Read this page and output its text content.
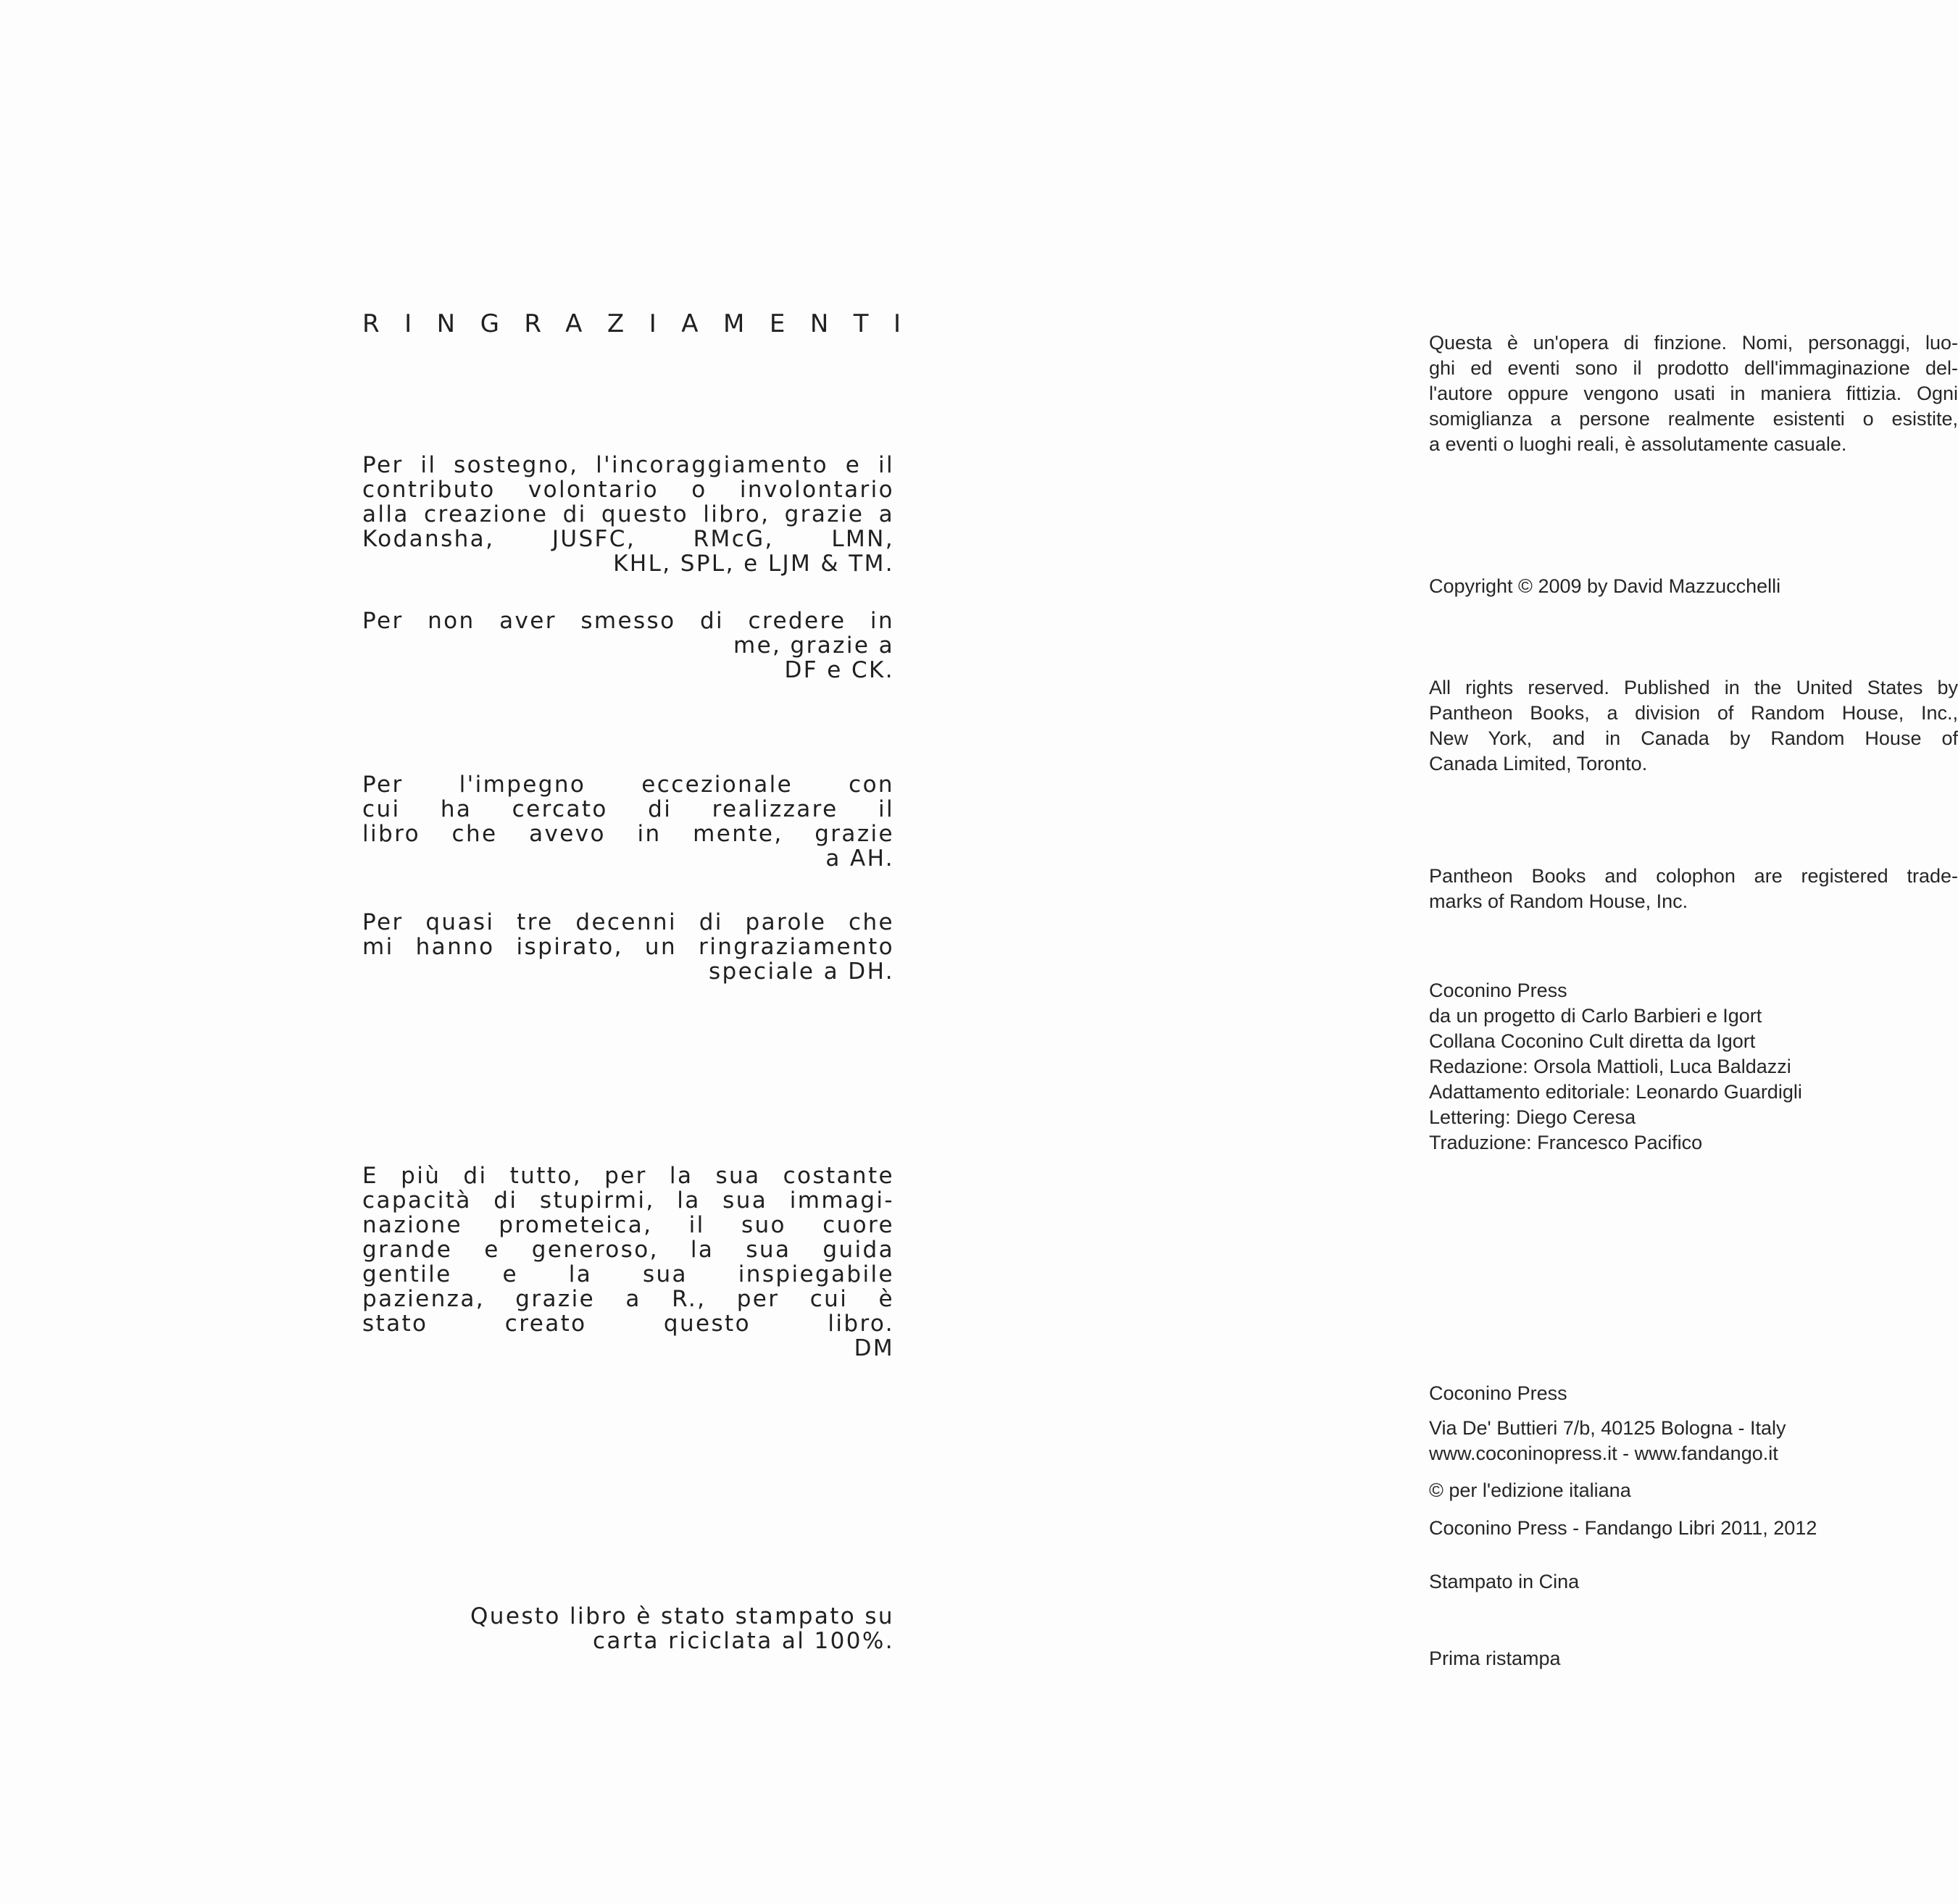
RINGRAZIAMENTI

Per il sostegno, l'incoraggiamento e il
contributo volontario o involontario
alla creazione di questo libro, grazie a
Kodansha, JUSFC, RMcG, LMN,
KHL, SPL, e LJM & TM.

Per non aver smesso di credere in
me, grazie a
DF e CK.

Per l'impegno eccezionale con
cui ha cercato di realizzare il
libro che avevo in mente, grazie
a AH.

Per quasi tre decenni di parole che
mi hanno ispirato, un ringraziamento
speciale a DH.

E più di tutto, per la sua costante
capacità di stupirmi, la sua immagi-
nazione prometeica, il suo cuore
grande e generoso, la sua guida
gentile e la sua inspiegabile
pazienza, grazie a R., per cui è
stato creato questo libro.
DM

Questo libro è stato stampato su
carta riciclata al 100%.

Questa è un'opera di finzione. Nomi, personaggi, luo-
ghi ed eventi sono il prodotto dell'immaginazione del-
l'autore oppure vengono usati in maniera fittizia. Ogni
somiglianza a persone realmente esistenti o esistite,
a eventi o luoghi reali, è assolutamente casuale.

Copyright © 2009 by David Mazzucchelli

All rights reserved. Published in the United States by
Pantheon Books, a division of Random House, Inc.,
New York, and in Canada by Random House of
Canada Limited, Toronto.

Pantheon Books and colophon are registered trade-
marks of Random House, Inc.

Coconino Press
da un progetto di Carlo Barbieri e Igort
Collana Coconino Cult diretta da Igort
Redazione: Orsola Mattioli, Luca Baldazzi
Adattamento editoriale: Leonardo Guardigli
Lettering: Diego Ceresa
Traduzione: Francesco Pacifico

Coconino Press

Via De' Buttieri 7/b, 40125 Bologna - Italy
www.coconinopress.it - www.fandango.it

© per l'edizione italiana

Coconino Press - Fandango Libri 2011, 2012

Stampato in Cina

Prima ristampa
